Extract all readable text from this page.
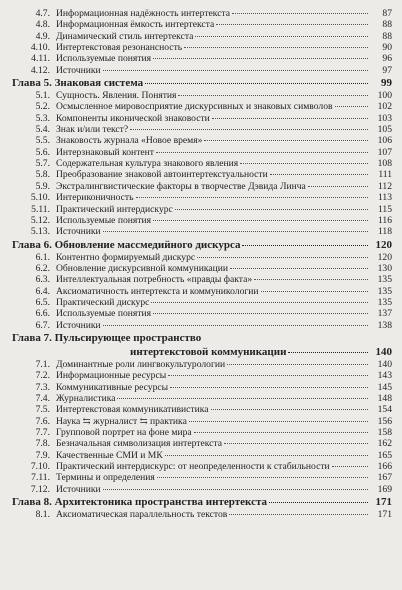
4.7. Информационная надёжность интертекста	87
4.8. Информационная ёмкость интертекста	88
4.9. Динамический стиль интертекста	88
4.10. Интертекстовая резонансность	90
4.11. Используемые понятия	96
4.12. Источники	97
Глава 5. Знаковая система	99
5.1. Сущность. Явления. Понятия	100
5.2. Осмысленное мировосприятие дискурсивных и знаковых символов	102
5.3. Компоненты иконической знаковости	103
5.4. Знак и/или текст?	105
5.5. Знаковость журнала «Новое время»	106
5.6. Интерзнаковый контент	107
5.7. Содержательная культура знакового явления	108
5.8. Преобразование знаковой автоинтертекстуальности	111
5.9. Экстралингвистические факторы в творчестве Дэвида Линча	112
5.10. Интериконичность	113
5.11. Практический интердискурс	115
5.12. Используемые понятия	116
5.13. Источники	118
Глава 6. Обновление массмедийного дискурса	120
6.1. Контентно формируемый дискурс	120
6.2. Обновление дискурсивной коммуникации	130
6.3. Интеллектуальная потребность «правды факта»	135
6.4. Аксиоматичность интертекста и коммуникологии	135
6.5. Практический дискурс	135
6.6. Используемые понятия	137
6.7. Источники	138
Глава 7. Пульсирующее пространство
интертекстовой коммуникации	140
7.1. Доминантные роли лингвокультурологии	140
7.2. Информационные ресурсы	143
7.3. Коммуникативные ресурсы	145
7.4. Журналистика	148
7.5. Интертекстовая коммуникативистика	154
7.6. Наука ⇆ журналист ⇆ практика	156
7.7. Групповой портрет на фоне мира	158
7.8. Безначальная символизация интертекста	162
7.9. Качественные СМИ и МК	165
7.10. Практический интердискурс: от неопределенности к стабильности	166
7.11. Термины и определения	167
7.12. Источники	169
Глава 8. Архитектоника пространства интертекста	171
8.1. Аксиоматическая параллельность текстов	171
